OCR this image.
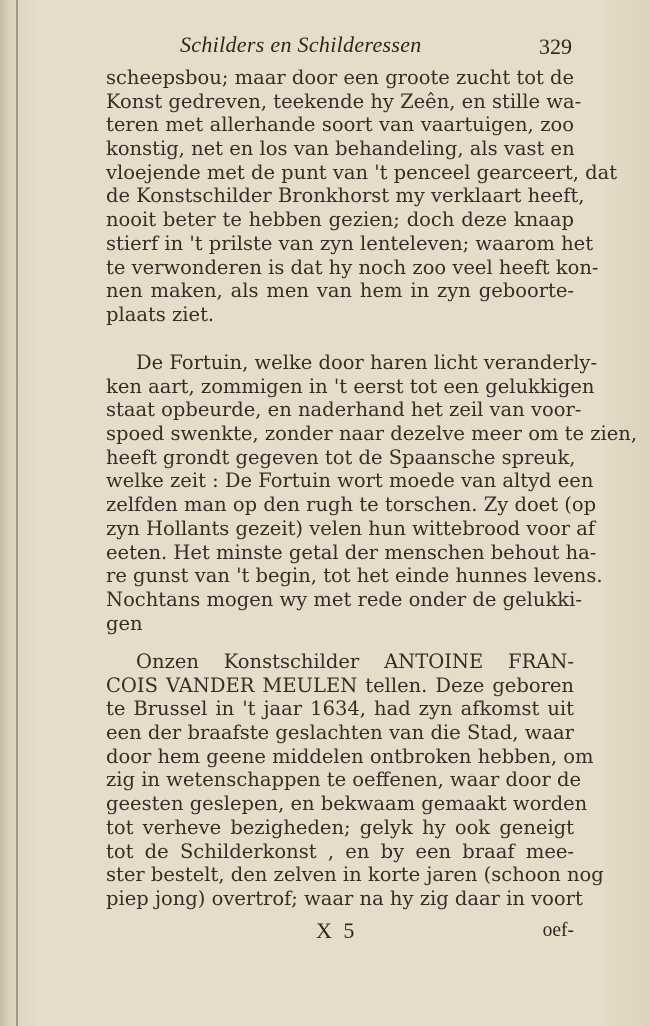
Schilders en Schilderessen	329
scheepsbou; maar door een groote zucht tot de
Konst gedreven, teekende hy Zeên, en stille wa-
teren met allerhande soort van vaartuigen, zoo
konstig, net en los van behandeling, als vast en
vloejende met de punt van 't penceel gearceert, dat
de Konstschilder Bronkhorst my verklaart heeft,
nooit beter te hebben gezien; doch deze knaap
stierf in 't prilste van zyn lenteleven; waarom het
te verwonderen is dat hy noch zoo veel heeft kon-
nen maken, als men van hem in zyn geboorte-
plaats ziet.
De Fortuin, welke door haren licht veranderly-
ken aart, zommigen in 't eerst tot een gelukkigen
staat opbeurde, en naderhand het zeil van voor-
spoed swenkte, zonder naar dezelve meer om te zien,
heeft grondt gegeven tot de Spaansche spreuk,
welke zeit : De Fortuin wort moede van altyd een
zelfden man op den rugh te torschen. Zy doet (op
zyn Hollants gezeit) velen hun wittebrood voor af
eeten. Het minste getal der menschen behout ha-
re gunst van 't begin, tot het einde hunnes levens.
Nochtans mogen wy met rede onder de gelukki-
gen
Onzen Konstschilder ANTOINE FRAN-
COIS VANDER MEULEN tellen. Deze geboren
te Brussel in 't jaar 1634, had zyn afkomst uit
een der braafste geslachten van die Stad, waar
door hem geene middelen ontbroken hebben, om
zig in wetenschappen te oeffenen, waar door de
geesten geslepen, en bekwaam gemaakt worden
tot verheve bezigheden; gelyk hy ook geneigt
tot de Schilderkonst , en by een braaf mee-
ster bestelt, den zelven in korte jaren (schoon nog
piep jong) overtrof; waar na hy zig daar in voort
X 5	oef-
